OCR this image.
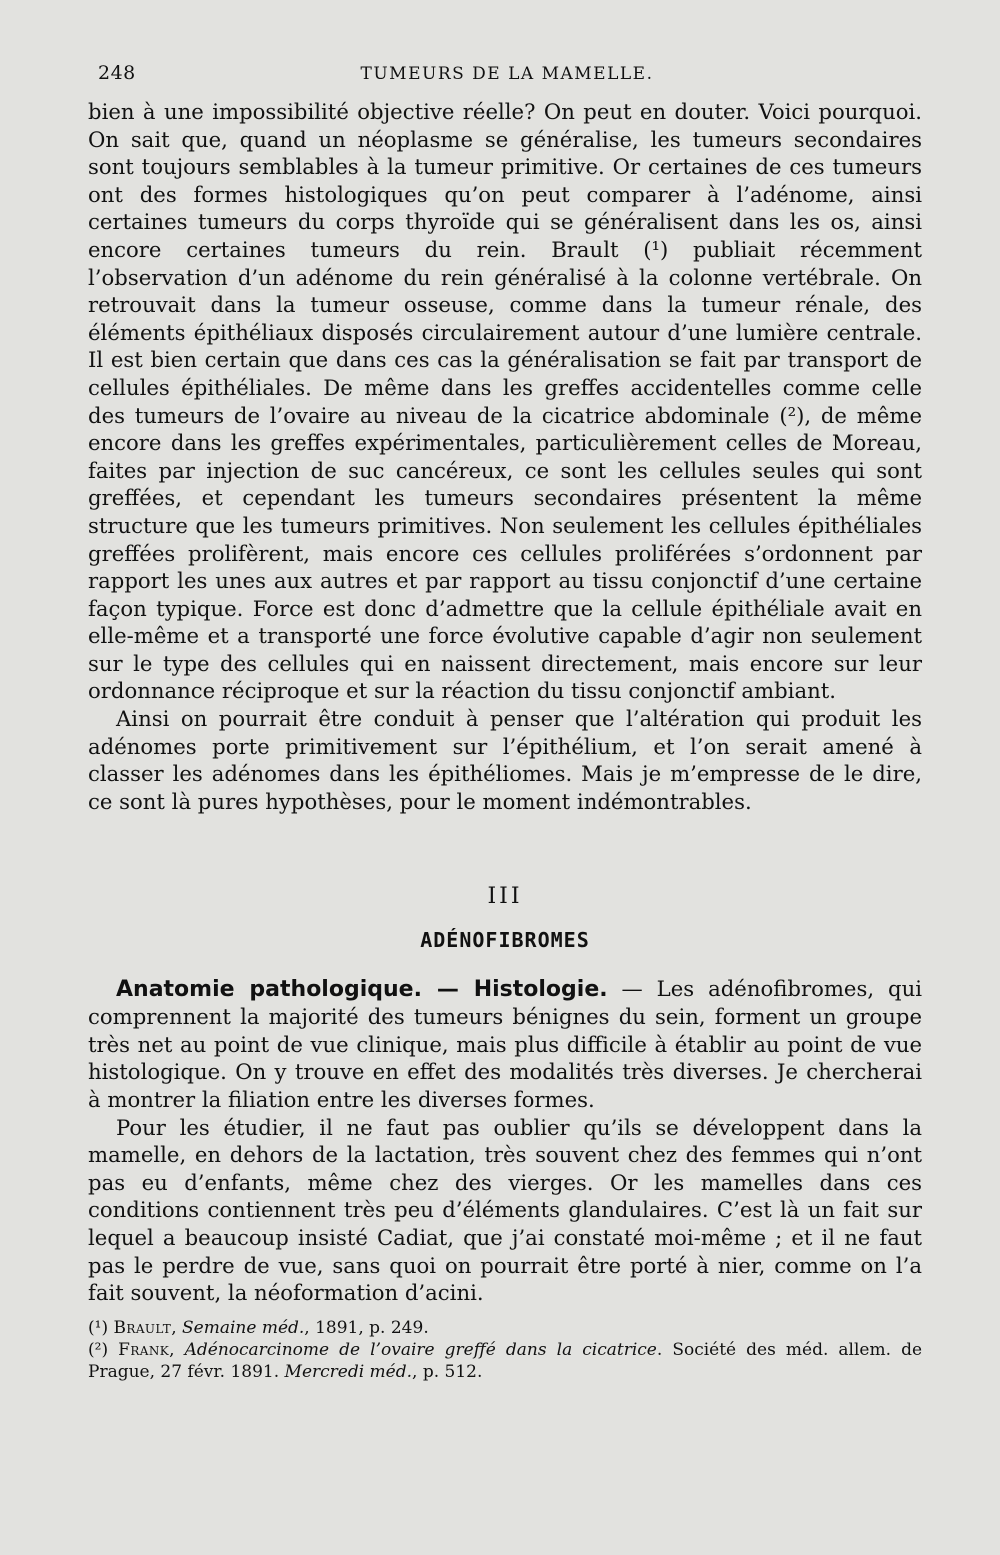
248	TUMEURS DE LA MAMELLE.

bien à une impossibilité objective réelle? On peut en douter. Voici pourquoi. On sait que, quand un néoplasme se généralise, les tumeurs secondaires sont toujours semblables à la tumeur primitive. Or certaines de ces tumeurs ont des formes histologiques qu’on peut comparer à l’adénome, ainsi certaines tumeurs du corps thyroïde qui se généralisent dans les os, ainsi encore certaines tumeurs du rein. Brault (¹) publiait récemment l’observation d’un adénome du rein généralisé à la colonne vertébrale. On retrouvait dans la tumeur osseuse, comme dans la tumeur rénale, des éléments épithéliaux disposés circulairement autour d’une lumière centrale. Il est bien certain que dans ces cas la généralisation se fait par transport de cellules épithéliales. De même dans les greffes accidentelles comme celle des tumeurs de l’ovaire au niveau de la cicatrice abdominale (²), de même encore dans les greffes expérimentales, particulièrement celles de Moreau, faites par injection de suc cancéreux, ce sont les cellules seules qui sont greffées, et cependant les tumeurs secondaires présentent la même structure que les tumeurs primitives. Non seulement les cellules épithéliales greffées prolifèrent, mais encore ces cellules proliférées s’ordonnent par rapport les unes aux autres et par rapport au tissu conjonctif d’une certaine façon typique. Force est donc d’admettre que la cellule épithéliale avait en elle-même et a transporté une force évolutive capable d’agir non seulement sur le type des cellules qui en naissent directement, mais encore sur leur ordonnance réciproque et sur la réaction du tissu conjonctif ambiant.

Ainsi on pourrait être conduit à penser que l’altération qui produit les adénomes porte primitivement sur l’épithélium, et l’on serait amené à classer les adénomes dans les épithéliomes. Mais je m’empresse de le dire, ce sont là pures hypothèses, pour le moment indémontrables.

III
ADÉNOFIBROMES

Anatomie pathologique. — Histologie. — Les adénofibromes, qui comprennent la majorité des tumeurs bénignes du sein, forment un groupe très net au point de vue clinique, mais plus difficile à établir au point de vue histologique. On y trouve en effet des modalités très diverses. Je chercherai à montrer la filiation entre les diverses formes.

Pour les étudier, il ne faut pas oublier qu’ils se développent dans la mamelle, en dehors de la lactation, très souvent chez des femmes qui n’ont pas eu d’enfants, même chez des vierges. Or les mamelles dans ces conditions contiennent très peu d’éléments glandulaires. C’est là un fait sur lequel a beaucoup insisté Cadiat, que j’ai constaté moi-même ; et il ne faut pas le perdre de vue, sans quoi on pourrait être porté à nier, comme on l’a fait souvent, la néoformation d’acini.

(¹) Brault, Semaine méd., 1891, p. 249.

(²) Frank, Adénocarcinome de l’ovaire greffé dans la cicatrice. Société des méd. allem. de Prague, 27 févr. 1891. Mercredi méd., p. 512.
